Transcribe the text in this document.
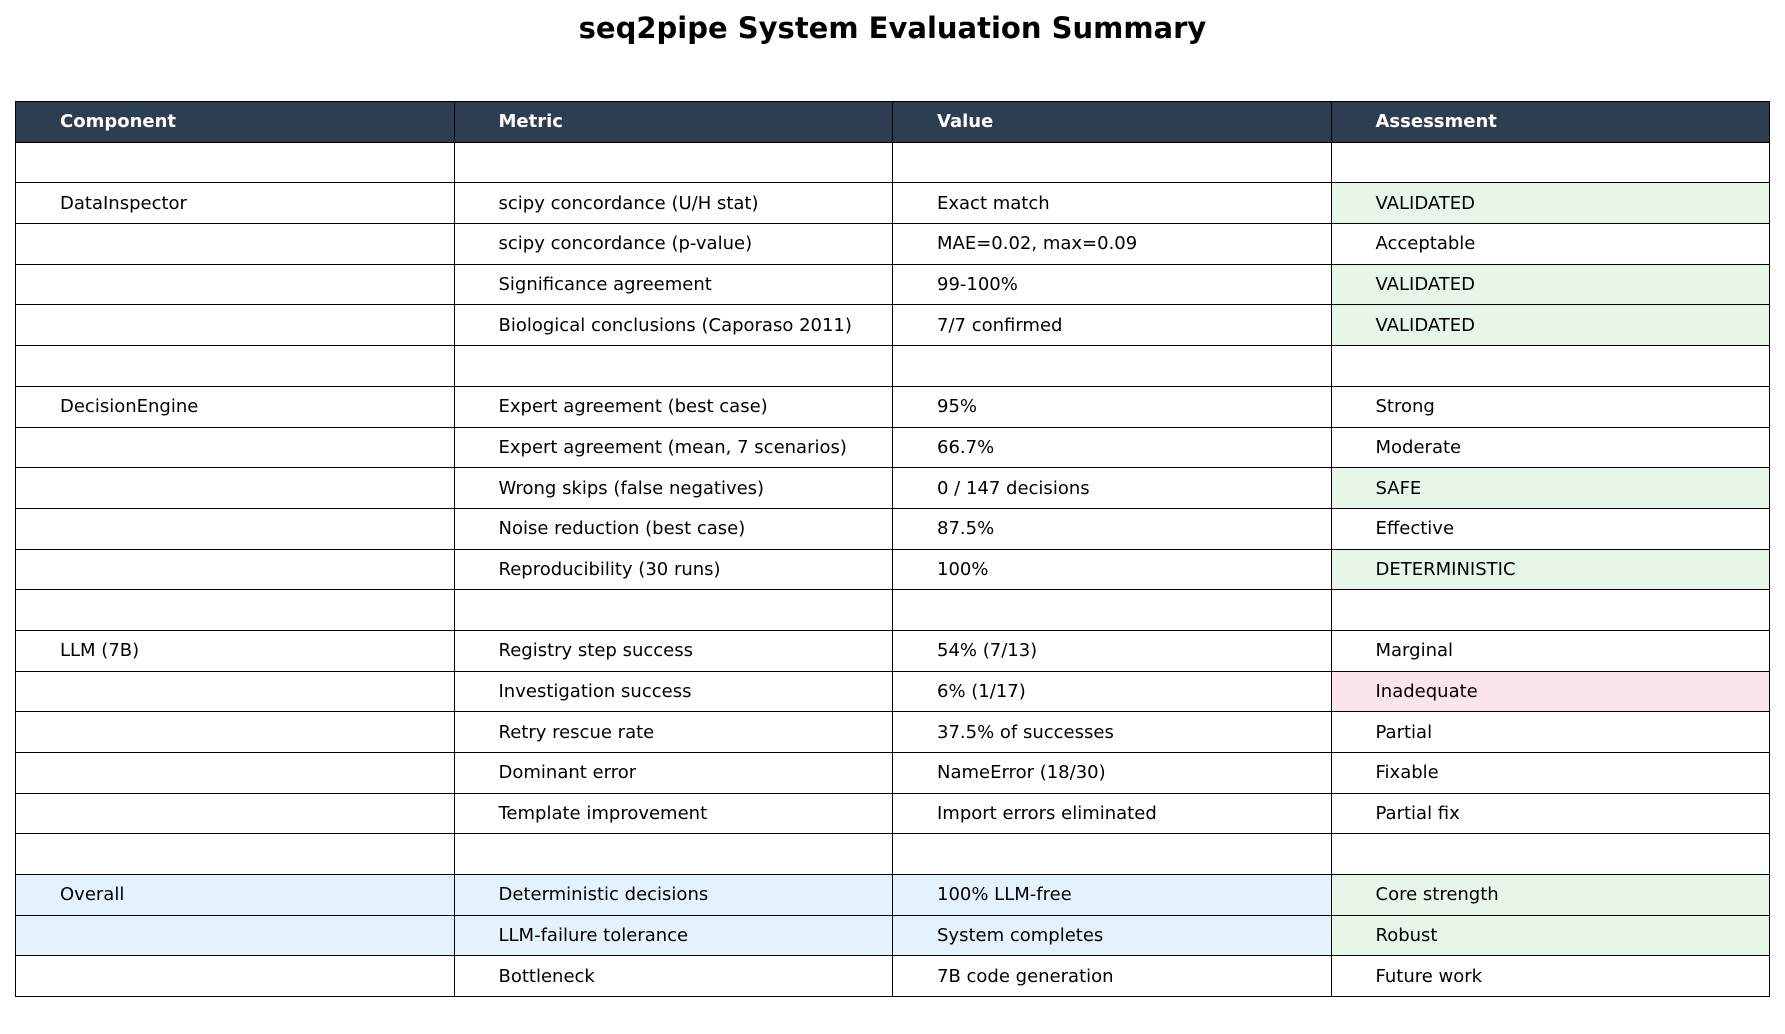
seq2pipe System Evaluation Summary
Component	Metric	Value	Assessment

DataInspector	scipy concordance (U/H stat)	Exact match	VALIDATED
	scipy concordance (p-value)	MAE=0.02, max=0.09	Acceptable
	Significance agreement	99-100%	VALIDATED
	Biological conclusions (Caporaso 2011)	7/7 confirmed	VALIDATED

DecisionEngine	Expert agreement (best case)	95%	Strong
	Expert agreement (mean, 7 scenarios)	66.7%	Moderate
	Wrong skips (false negatives)	0 / 147 decisions	SAFE
	Noise reduction (best case)	87.5%	Effective
	Reproducibility (30 runs)	100%	DETERMINISTIC

LLM (7B)	Registry step success	54% (7/13)	Marginal
	Investigation success	6% (1/17)	Inadequate
	Retry rescue rate	37.5% of successes	Partial
	Dominant error	NameError (18/30)	Fixable
	Template improvement	Import errors eliminated	Partial fix

Overall	Deterministic decisions	100% LLM-free	Core strength
	LLM-failure tolerance	System completes	Robust
	Bottleneck	7B code generation	Future work
